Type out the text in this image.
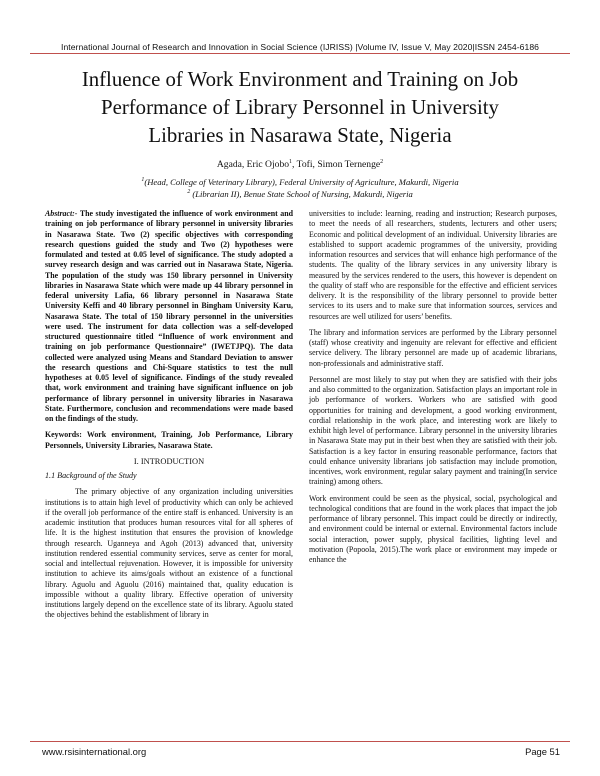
International Journal of Research and Innovation in Social Science (IJRISS) |Volume IV, Issue V, May 2020|ISSN 2454-6186
Influence of Work Environment and Training on Job
Performance of Library Personnel in University
Libraries in Nasarawa State, Nigeria
Agada, Eric Ojobo$^1$, Tofi, Simon Ternenge$^2$
$^1$(Head, College of Veterinary Library), Federal University of Agriculture, Makurdi, Nigeria
$^2$ (Librarian II), Benue State School of Nursing, Makurdi, Nigeria

Abstract:- The study investigated the influence of work environment and training on job performance of library personnel in university libraries in Nasarawa State. Two (2) specific objectives with corresponding research questions guided the study and Two (2) hypotheses were formulated and tested at 0.05 level of significance. The study adopted a survey research design and was carried out in Nasarawa State, Nigeria. The population of the study was 150 library personnel in University libraries in Nasarawa State which were made up 44 library personnel in federal university Lafia, 66 library personnel in Nasarawa State University Keffi and 40 library personnel in Bingham University Karu, Nasarawa State. The total of 150 library personnel in the universities were used. The instrument for data collection was a self-developed structured questionnaire titled “Influence of work environment and training on job performance Questionnaire” (IWETJPQ). The data collected were analyzed using Means and Standard Deviation to answer the research questions and Chi-Square statistics to test the null hypotheses at 0.05 level of significance. Findings of the study revealed that, work environment and training have significant influence on job performance of library personnel in university libraries in Nasarawa State. Furthermore, conclusion and recommendations were made based on the findings of the study.

Keywords: Work environment, Training, Job Performance, Library Personnels, University Libraries, Nasarawa State.

I. INTRODUCTION
1.1 Background of the Study

The primary objective of any organization including universities institutions is to attain high level of productivity which can only be achieved if the overall job performance of the entire staff is enhanced. University is an academic institution that produces human resources vital for all spheres of life. It is the highest institution that ensures the provision of knowledge through research. Uganneya and Agoh (2013) advanced that, university institution rendered essential community services, serve as center for moral, social and intellectual rejuvenation. However, it is impossible for university institution to achieve its aims/goals without an existence of a functional library. Aguolu and Aguolu (2016) maintained that, quality education is impossible without a quality library. Effective operation of university institutions largely depend on the excellence state of its library. Aguolu stated the objectives behind the establishment of library in

universities to include: learning, reading and instruction; Research purposes, to meet the needs of all researchers, students, lecturers and other users; Economic and political development of an individual. University libraries are established to support academic programmes of the university, providing information resources and services that will enhance high performance of the students. The quality of the library services in any university library is measured by the services rendered to the users, this however is dependent on the quality of staff who are responsible for the effective and efficient services delivery. It is the responsibility of the library personnel to provide better services to its users and to make sure that information sources, services and resources are well utilized for users’ benefits.

The library and information services are performed by the Library personnel (staff) whose creativity and ingenuity are relevant for effective and efficient service delivery. The library personnel are made up of academic librarians, non-professionals and administrative staff.

Personnel are most likely to stay put when they are satisfied with their jobs and also committed to the organization. Satisfaction plays an important role in job performance of workers. Workers who are satisfied with good opportunities for training and development, a good working environment, cordial relationship in the work place, and interesting work are likely to exhibit high level of performance. Library personnel in the university libraries in Nasarawa State may put in their best when they are satisfied with their job. Satisfaction is a key factor in ensuring reasonable performance, factors that could enhance university librarians job satisfaction may include promotion, incentives, work environment, regular salary payment and training(In service training) among others.

Work environment could be seen as the physical, social, psychological and technological conditions that are found in the work places that impact the job performance of library personnel. This impact could be directly or indirectly, and environment could be internal or external. Environmental factors include social interaction, power supply, physical facilities, lighting level and motivation (Popoola, 2015).The work place or environment may impede or enhance the

www.rsisinternational.org	Page 51
